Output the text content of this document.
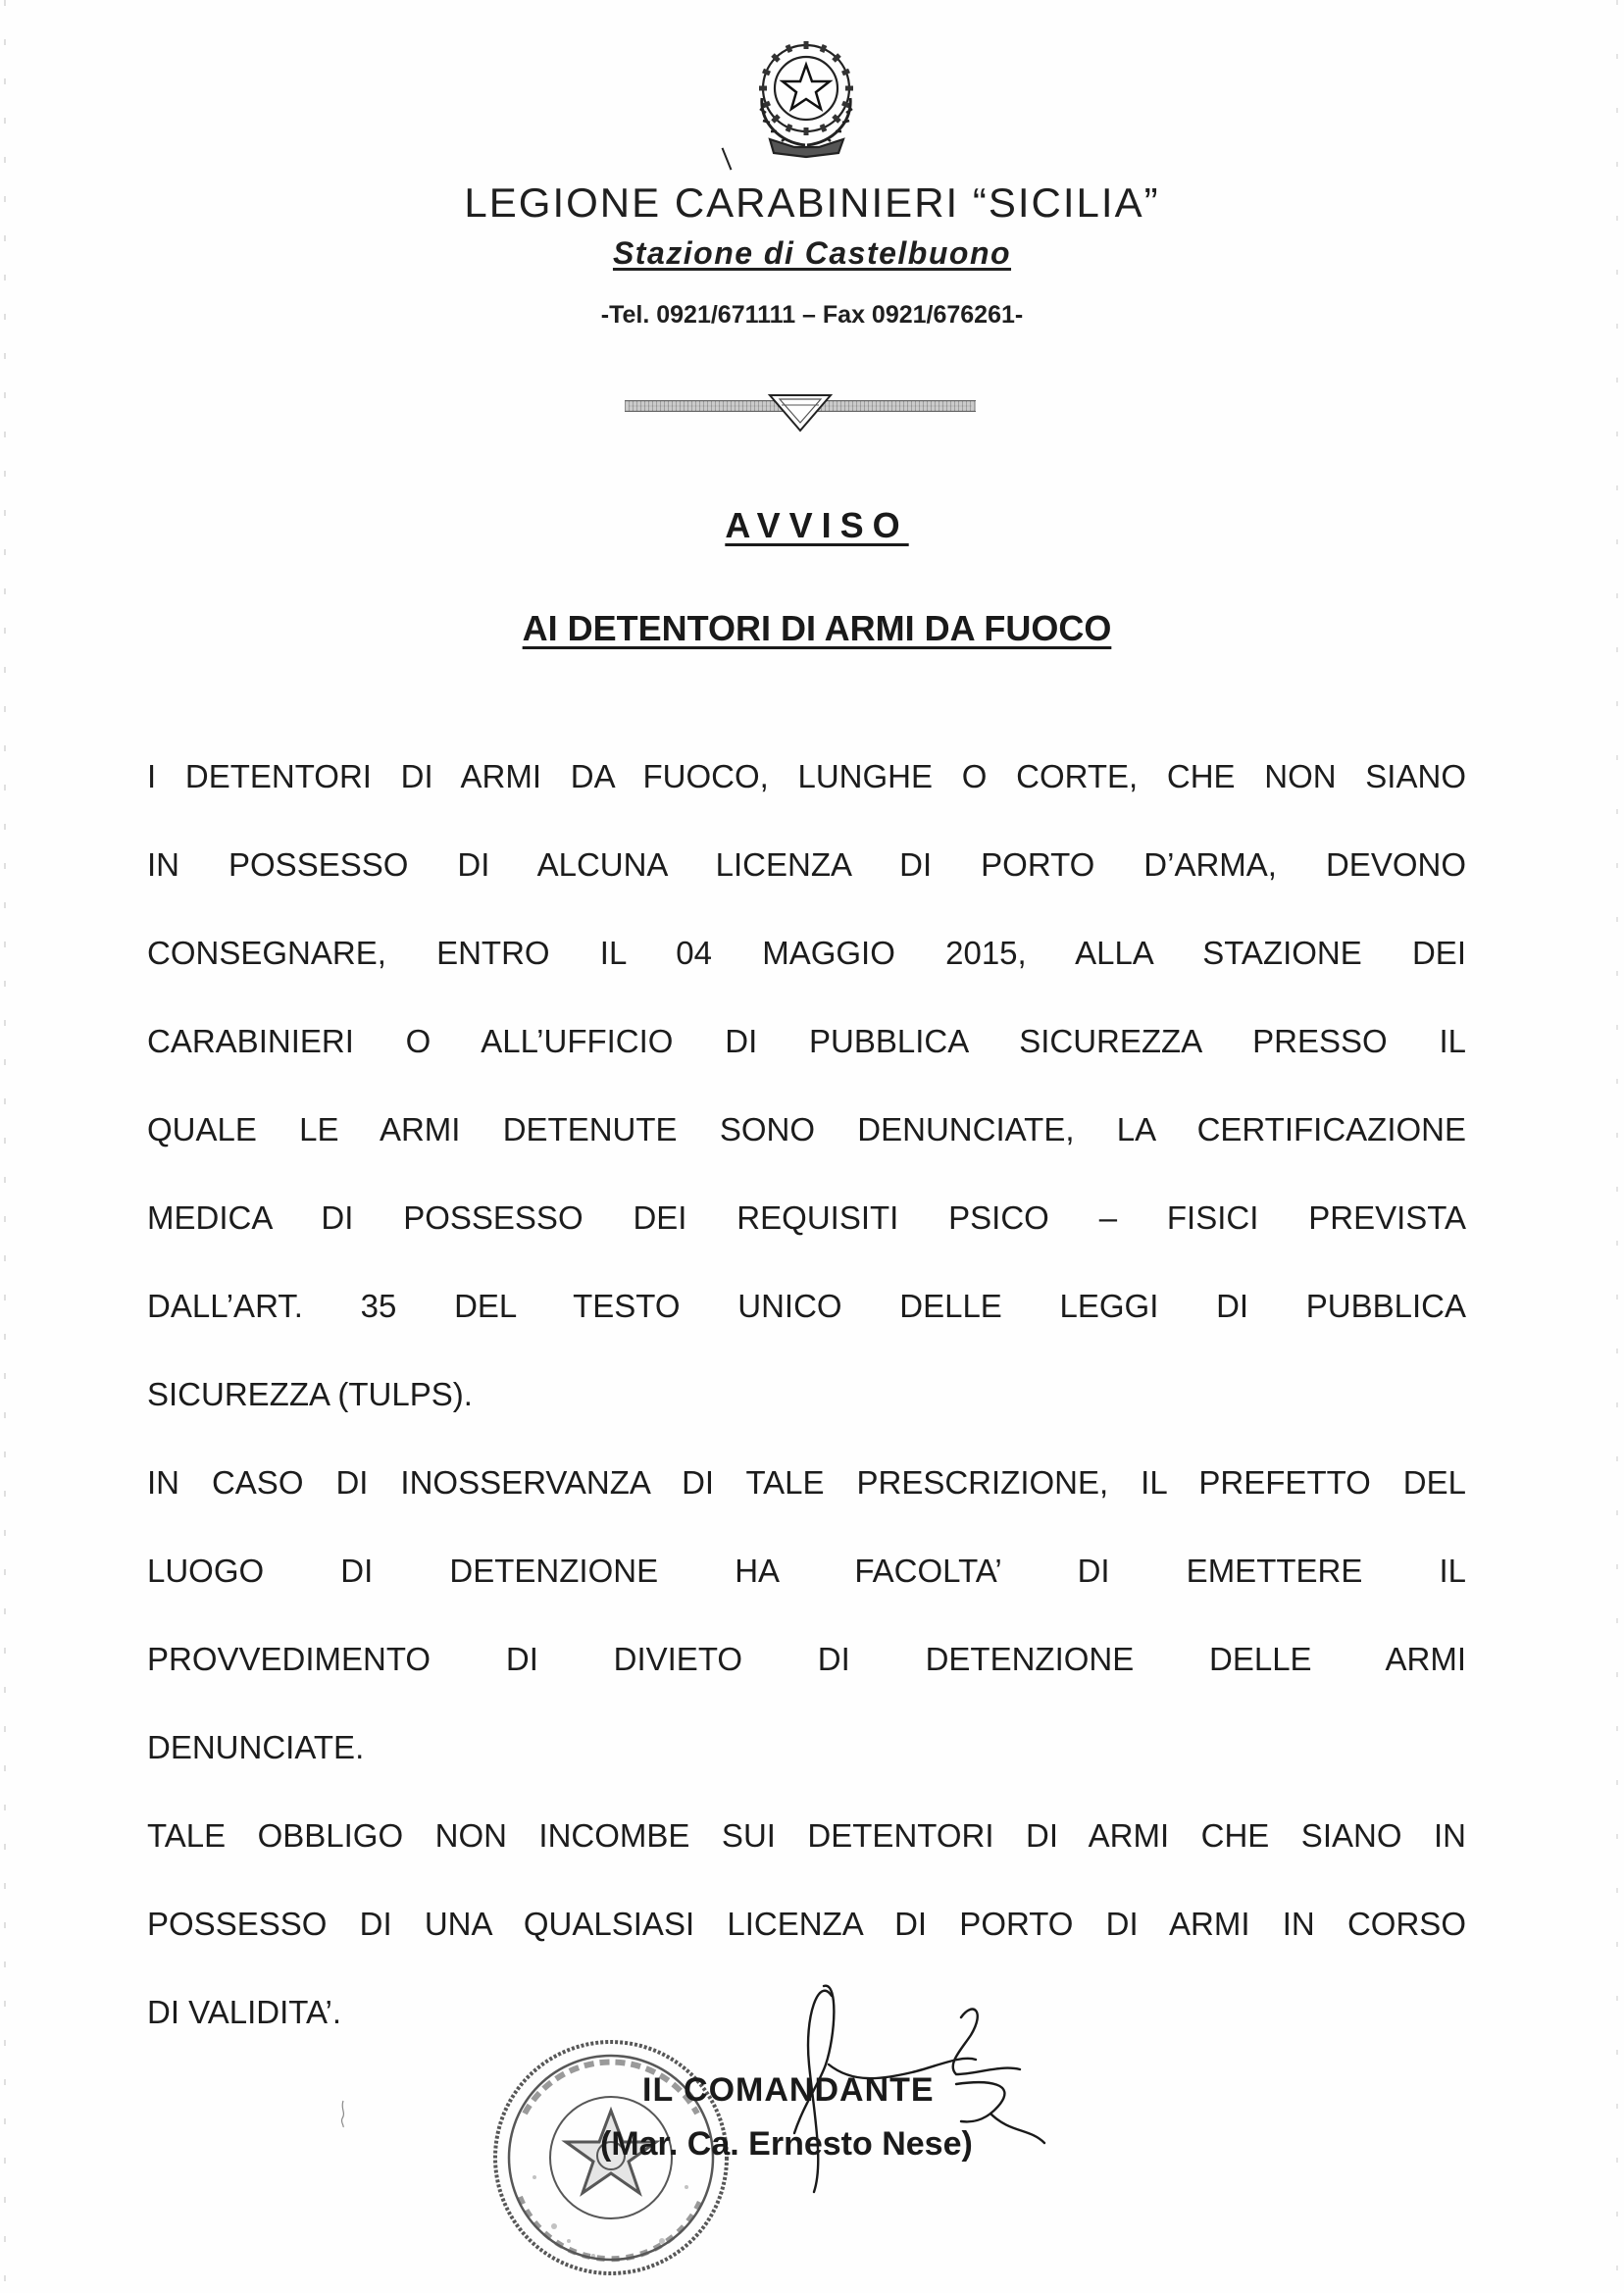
LEGIONE CARABINIERI “SICILIA”
Stazione di Castelbuono
-Tel. 0921/671111 – Fax 0921/676261-
AVVISO
AI DETENTORI DI ARMI DA FUOCO
I DETENTORI DI ARMI DA FUOCO, LUNGHE O CORTE, CHE NON SIANO
IN POSSESSO DI ALCUNA LICENZA DI PORTO D’ARMA, DEVONO
CONSEGNARE, ENTRO IL 04 MAGGIO 2015, ALLA STAZIONE DEI
CARABINIERI O ALL’UFFICIO DI PUBBLICA SICUREZZA PRESSO IL
QUALE LE ARMI DETENUTE SONO DENUNCIATE, LA CERTIFICAZIONE
MEDICA DI POSSESSO DEI REQUISITI PSICO – FISICI PREVISTA
DALL’ART. 35 DEL TESTO UNICO DELLE LEGGI DI PUBBLICA
SICUREZZA (TULPS).
IN CASO DI INOSSERVANZA DI TALE PRESCRIZIONE, IL PREFETTO DEL
LUOGO DI DETENZIONE HA FACOLTA’ DI EMETTERE IL
PROVVEDIMENTO DI DIVIETO DI DETENZIONE DELLE ARMI
DENUNCIATE.
TALE OBBLIGO NON INCOMBE SUI DETENTORI DI ARMI CHE SIANO IN
POSSESSO DI UNA QUALSIASI LICENZA DI PORTO DI ARMI IN CORSO
DI VALIDITA’.
IL COMANDANTE
(Mar. Ca. Ernesto Nese)
